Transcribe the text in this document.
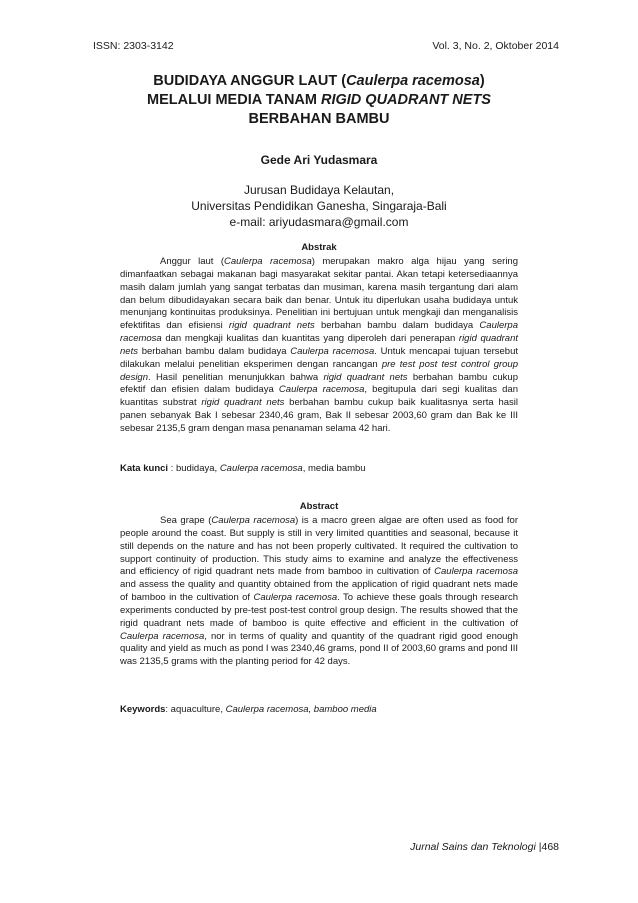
ISSN: 2303-3142	Vol. 3, No. 2, Oktober 2014
BUDIDAYA ANGGUR LAUT (Caulerpa racemosa)
MELALUI MEDIA TANAM RIGID QUADRANT NETS
BERBAHAN BAMBU
Gede Ari Yudasmara
Jurusan Budidaya Kelautan,
Universitas Pendidikan Ganesha, Singaraja-Bali
e-mail: ariyudasmara@gmail.com
Abstrak

Anggur laut (Caulerpa racemosa) merupakan makro alga hijau yang sering dimanfaatkan sebagai makanan bagi masyarakat sekitar pantai. Akan tetapi ketersediaannya masih dalam jumlah yang sangat terbatas dan musiman, karena masih tergantung dari alam dan belum dibudidayakan secara baik dan benar. Untuk itu diperlukan usaha budidaya untuk menunjang kontinuitas produksinya. Penelitian ini bertujuan untuk mengkaji dan menganalisis efektifitas dan efisiensi rigid quadrant nets berbahan bambu dalam budidaya Caulerpa racemosa dan mengkaji kualitas dan kuantitas yang diperoleh dari penerapan rigid quadrant nets berbahan bambu dalam budidaya Caulerpa racemosa. Untuk mencapai tujuan tersebut dilakukan melalui penelitian eksperimen dengan rancangan pre test post test control group design. Hasil penelitian menunjukkan bahwa rigid quadrant nets berbahan bambu cukup efektif dan efisien dalam budidaya Caulerpa racemosa, begitupula dari segi kualitas dan kuantitas substrat rigid quadrant nets berbahan bambu cukup baik kualitasnya serta hasil panen sebanyak Bak I sebesar 2340,46 gram, Bak II sebesar 2003,60 gram dan Bak ke III sebesar 2135,5 gram dengan masa penanaman selama 42 hari.

Kata kunci : budidaya, Caulerpa racemosa, media bambu
Abstract

Sea grape (Caulerpa racemosa) is a macro green algae are often used as food for people around the coast. But supply is still in very limited quantities and seasonal, because it still depends on the nature and has not been properly cultivated. It required the cultivation to support continuity of production. This study aims to examine and analyze the effectiveness and efficiency of rigid quadrant nets made from bamboo in cultivation of Caulerpa racemosa and assess the quality and quantity obtained from the application of rigid quadrant nets made of bamboo in the cultivation of Caulerpa racemosa. To achieve these goals through research experiments conducted by pre-test post-test control group design. The results showed that the rigid quadrant nets made of bamboo is quite effective and efficient in the cultivation of Caulerpa racemosa, nor in terms of quality and quantity of the quadrant rigid good enough quality and yield as much as pond I was 2340,46 grams, pond II of 2003,60 grams and pond III was 2135,5 grams with the planting period for 42 days.

Keywords: aquaculture, Caulerpa racemosa, bamboo media
Jurnal Sains dan Teknologi |468
